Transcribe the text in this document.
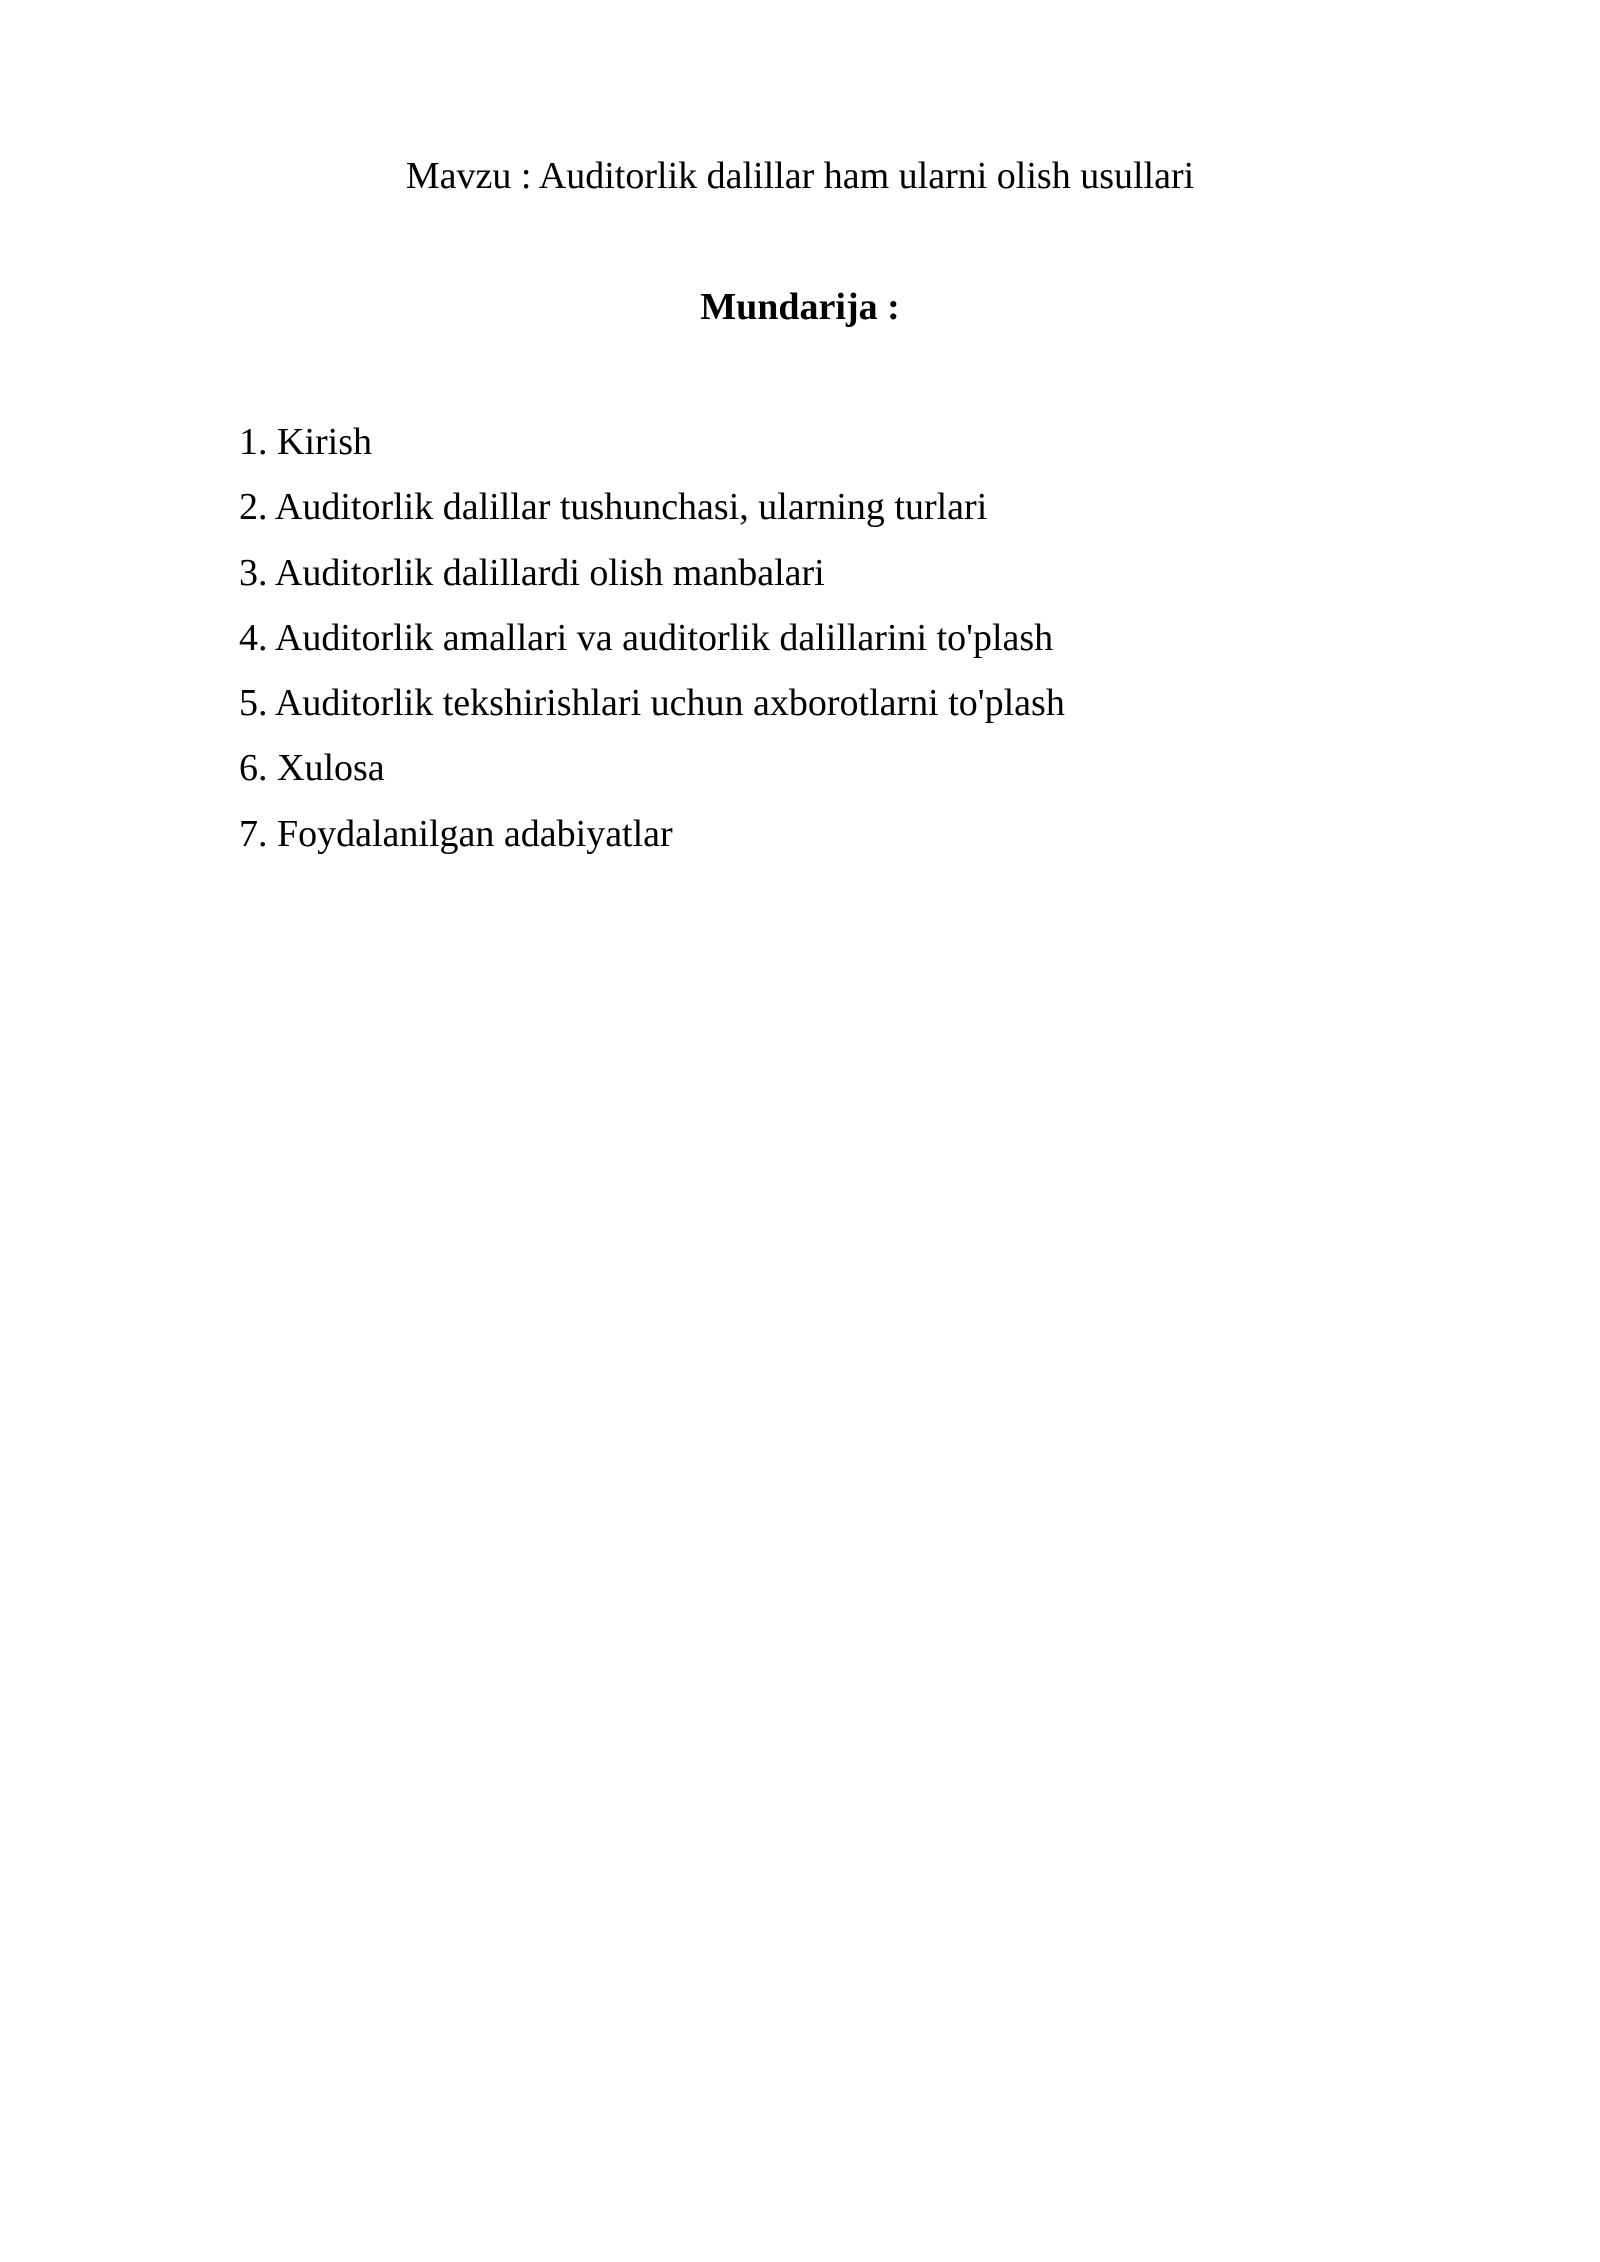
Mavzu : Auditorlik dalillar ham ularni olish usullari
Mundarija :
1. Kirish
2. Auditorlik dalillar tushunchasi, ularning turlari
3. Auditorlik dalillardi olish manbalari
4. Auditorlik amallari va auditorlik dalillarini to'plash
5. Auditorlik tekshirishlari uchun axborotlarni to'plash
6. Xulosa
7. Foydalanilgan adabiyatlar
